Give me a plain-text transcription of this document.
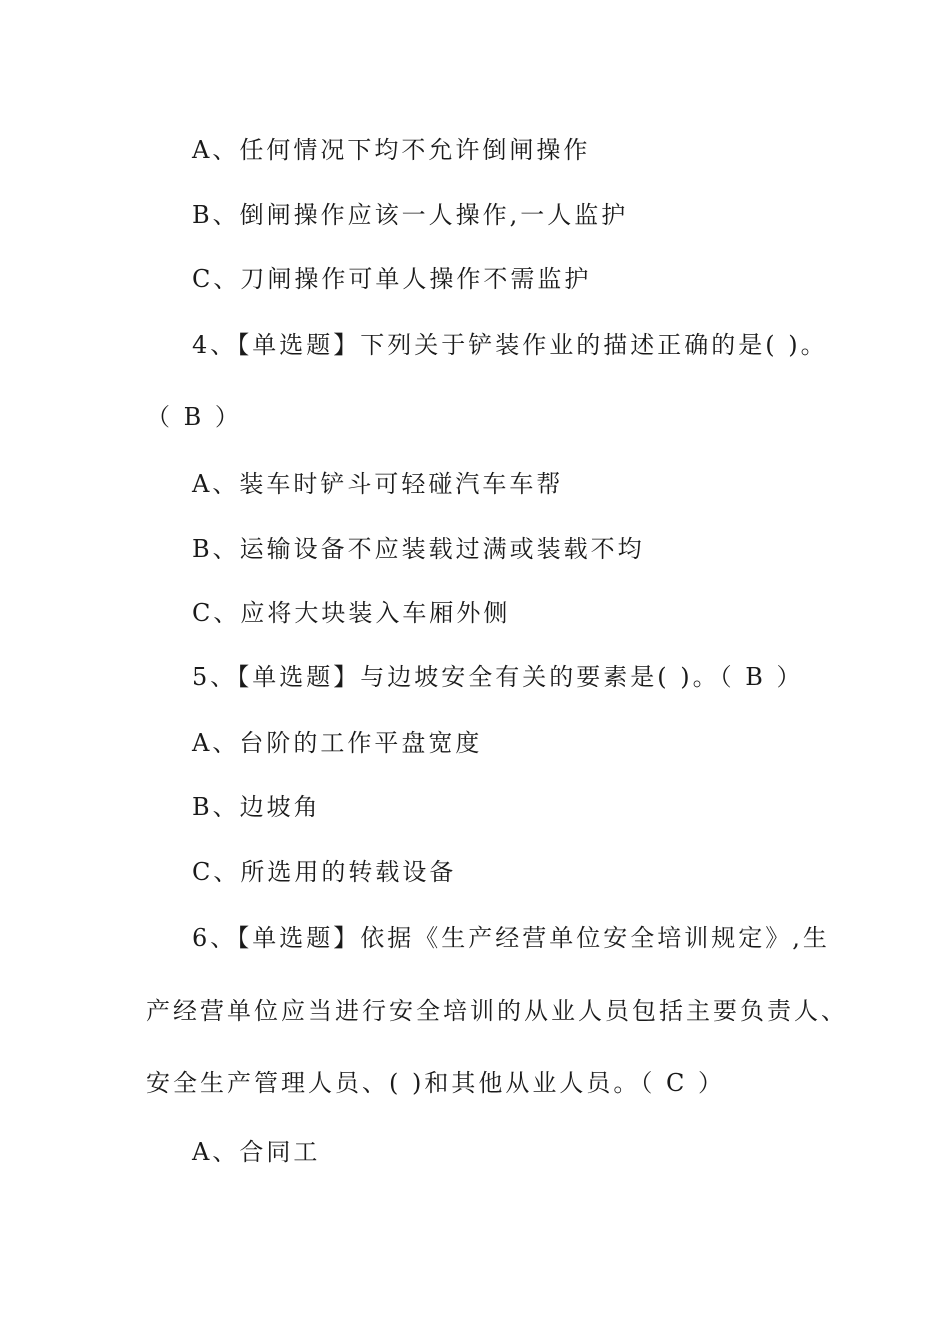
A、任何情况下均不允许倒闸操作
B、倒闸操作应该一人操作,一人监护
C、刀闸操作可单人操作不需监护
4、【单选题】下列关于铲装作业的描述正确的是( )。
（ B ）
A、装车时铲斗可轻碰汽车车帮
B、运输设备不应装载过满或装载不均
C、应将大块装入车厢外侧
5、【单选题】与边坡安全有关的要素是( )。（ B ）
A、台阶的工作平盘宽度
B、边坡角
C、所选用的转载设备
6、【单选题】依据《生产经营单位安全培训规定》,生
产经营单位应当进行安全培训的从业人员包括主要负责人、
安全生产管理人员、( )和其他从业人员。（ C ）
A、合同工
